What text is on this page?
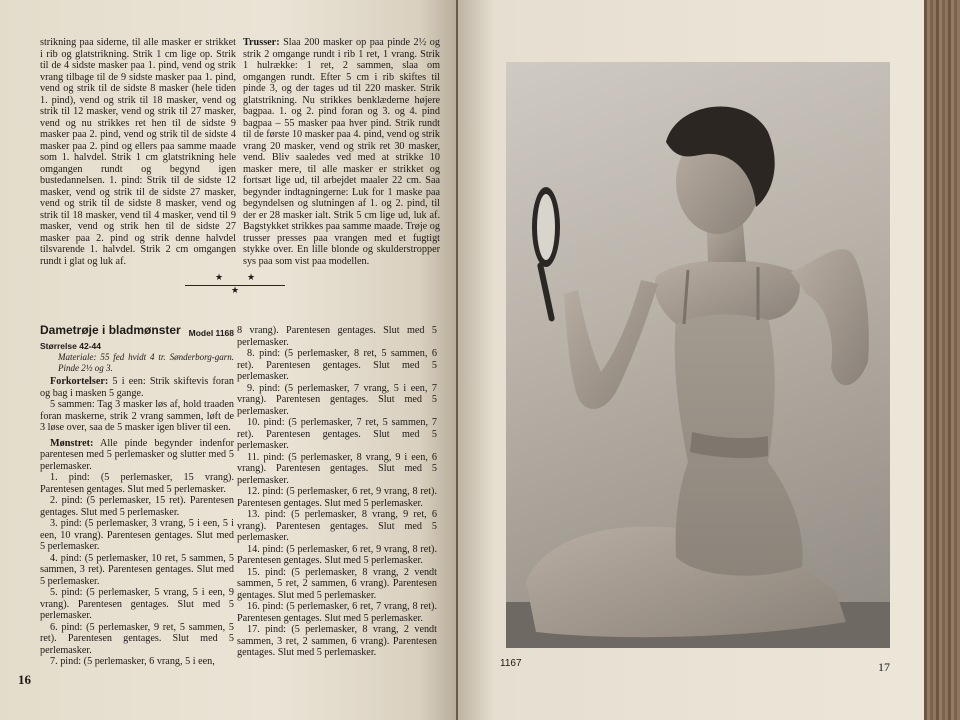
strikning paa siderne, til alle masker er strikket i rib og glatstrikning. Strik 1 cm lige op. Strik til de 4 sidste masker paa 1. pind, vend og strik vrang tilbage til de 9 sidste masker paa 1. pind, vend og strik til de sidste 8 masker (hele tiden 1. pind), vend og strik til 18 masker, vend og strik til 12 masker, vend og strik til 27 masker, vend og nu strikkes ret hen til de sidste 9 masker paa 2. pind, vend og strik til de sidste 4 masker paa 2. pind og ellers paa samme maade som 1. halvdel. Strik 1 cm glatstrikning hele omgangen rundt og begynd igen bustedannelsen. 1. pind: Strik til de sidste 12 masker, vend og strik til de sidste 27 masker, vend og strik til de sidste 8 masker, vend og strik til 18 masker, vend til 4 masker, vend til 9 masker, vend og strik hen til de sidste 27 masker paa 2. pind og strik denne halvdel tilsvarende 1. halvdel. Strik 2 cm omgangen rundt i glat og luk af.

Trusser: Slaa 200 masker op paa pinde 2½ og strik 2 omgange rundt i rib 1 ret, 1 vrang. Strik 1 hulrække: 1 ret, 2 sammen, slaa om omgangen rundt. Efter 5 cm i rib skiftes til pinde 3, og der tages ud til 220 masker. Strik glatstrikning. Nu strikkes benklæderne højere bagpaa. 1. og 2. pind foran og 3. og 4. pind bagpaa – 55 masker paa hver pind. Strik rundt til de første 10 masker paa 4. pind, vend og strik vrang 20 masker, vend og strik ret 30 masker, vend. Bliv saaledes ved med at strikke 10 masker mere, til alle masker er strikket og fortsæt lige ud, til arbejdet maaler 22 cm. Saa begynder indtagningerne: Luk for 1 maske paa begyndelsen og slutningen af 1. og 2. pind, til der er 28 masker ialt. Strik 5 cm lige ud, luk af. Bagstykket strikkes paa samme maade. Trøje og trusser presses paa vrangen med et fugtigt stykke over. En lille blonde og skulderstropper sys paa som vist paa modellen.

★	★
★

Dametrøje i bladmønster Model 1168

Størrelse 42-44

Materiale: 55 fed hvidt 4 tr. Sønderborg-garn. Pinde 2½ og 3.

Forkortelser: 5 i een: Strik skiftevis foran og bag i masken 5 gange.

5 sammen: Tag 3 masker løs af, hold traaden foran maskerne, strik 2 vrang sammen, løft de 3 løse over, saa de 5 masker igen bliver til een.

Mønstret: Alle pinde begynder indenfor parentesen med 5 perlemasker og slutter med 5 perlemasker.

1. pind: (5 perlemasker, 15 vrang). Parentesen gentages. Slut med 5 perlemasker.

2. pind: (5 perlemasker, 15 ret). Parentesen gentages. Slut med 5 perlemasker.

3. pind: (5 perlemasker, 3 vrang, 5 i een, 5 i een, 10 vrang). Parentesen gentages. Slut med 5 perlemasker.

4. pind: (5 perlemasker, 10 ret, 5 sammen, 5 sammen, 3 ret). Parentesen gentages. Slut med 5 perlemasker.

5. pind: (5 perlemasker, 5 vrang, 5 i een, 9 vrang). Parentesen gentages. Slut med 5 perlemasker.

6. pind: (5 perlemasker, 9 ret, 5 sammen, 5 ret). Parentesen gentages. Slut med 5 perlemasker.

7. pind: (5 perlemasker, 6 vrang, 5 i een,

8 vrang). Parentesen gentages. Slut med 5 perlemasker.

8. pind: (5 perlemasker, 8 ret, 5 sammen, 6 ret). Parentesen gentages. Slut med 5 perlemasker.

9. pind: (5 perlemasker, 7 vrang, 5 i een, 7 vrang). Parentesen gentages. Slut med 5 perlemasker.

10. pind: (5 perlemasker, 7 ret, 5 sammen, 7 ret). Parentesen gentages. Slut med 5 perlemasker.

11. pind: (5 perlemasker, 8 vrang, 9 i een, 6 vrang). Parentesen gentages. Slut med 5 perlemasker.

12. pind: (5 perlemasker, 6 ret, 9 vrang, 8 ret). Parentesen gentages. Slut med 5 perlemasker.

13. pind: (5 perlemasker, 8 vrang, 9 ret, 6 vrang). Parentesen gentages. Slut med 5 perlemasker.

14. pind: (5 perlemasker, 6 ret, 9 vrang, 8 ret). Parentesen gentages. Slut med 5 perlemasker.

15. pind: (5 perlemasker, 8 vrang, 2 vendt sammen, 5 ret, 2 sammen, 6 vrang). Parentesen gentages. Slut med 5 perlemasker.

16. pind: (5 perlemasker, 6 ret, 7 vrang, 8 ret). Parentesen gentages. Slut med 5 perlemasker.

17. pind: (5 perlemasker, 8 vrang, 2 vendt sammen, 3 ret, 2 sammen, 6 vrang). Parentesen gentages. Slut med 5 perlemasker.

16
1167	17
